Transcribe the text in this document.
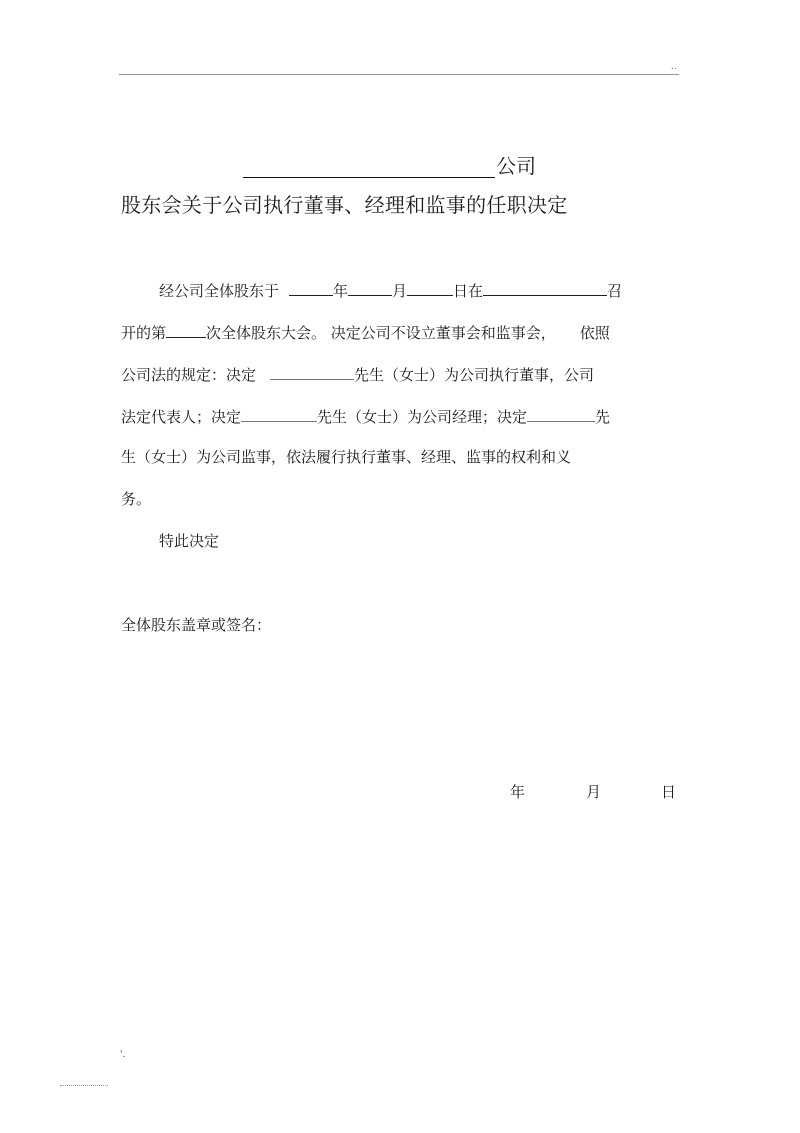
..
公司
股东会关于公司执行董事、经理和监事的任职决定
经公司全体股东于	年	月	日在	召
开的第	次全体股东大会。 决定公司不设立董事会和监事会， 依照
公司法的规定：决定	先生（女士）为公司执行董事，公司
法定代表人；决定	先生（女士）为公司经理；决定	先
生（女士）为公司监事，依法履行执行董事、经理、监事的权利和义
务。
特此决定
全体股东盖章或签名：
年	月	日
'.
